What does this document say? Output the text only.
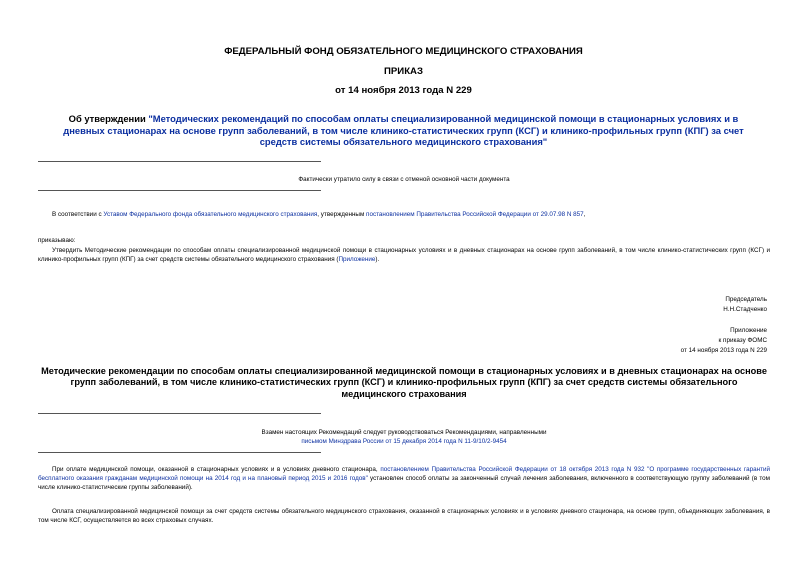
ФЕДЕРАЛЬНЫЙ ФОНД ОБЯЗАТЕЛЬНОГО МЕДИЦИНСКОГО СТРАХОВАНИЯ
ПРИКАЗ
от 14 ноября 2013 года N 229
Об утверждении "Методических рекомендаций по способам оплаты специализированной медицинской помощи в стационарных условиях и в дневных стационарах на основе групп заболеваний, в том числе клинико-статистических групп (КСГ) и клинико-профильных групп (КПГ) за счет средств системы обязательного медицинского страхования"
Фактически утратило силу в связи с отменой основной части документа
В соответствии с Уставом Федерального фонда обязательного медицинского страхования, утвержденным постановлением Правительства Российской Федерации от 29.07.98 N 857,
приказываю:
Утвердить Методические рекомендации по способам оплаты специализированной медицинской помощи в стационарных условиях и в дневных стационарах на основе групп заболеваний, в том числе клинико-статистических групп (КСГ) и клинико-профильных групп (КПГ) за счет средств системы обязательного медицинского страхования (Приложение).
Председатель
Н.Н.Стадченко
Приложение
к приказу ФОМС
от 14 ноября 2013 года N 229
Методические рекомендации по способам оплаты специализированной медицинской помощи в стационарных условиях и в дневных стационарах на основе групп заболеваний, в том числе клинико-статистических групп (КСГ) и клинико-профильных групп (КПГ) за счет средств системы обязательного медицинского страхования
Взамен настоящих Рекомендаций следует руководствоваться Рекомендациями, направленными
письмом Минздрава России от 15 декабря 2014 года N 11-9/10/2-9454
При оплате медицинской помощи, оказанной в стационарных условиях и в условиях дневного стационара, постановлением Правительства Российской Федерации от 18 октября 2013 года N 932 "О программе государственных гарантий бесплатного оказания гражданам медицинской помощи на 2014 год и на плановый период 2015 и 2016 годов" установлен способ оплаты за законченный случай лечения заболевания, включенного в соответствующую группу заболеваний (в том числе клинико-статистические группы заболеваний).
Оплата специализированной медицинской помощи за счет средств системы обязательного медицинского страхования, оказанной в стационарных условиях и в условиях дневного стационара, на основе групп, объединяющих заболевания, в том числе КСГ, осуществляется во всех страховых случаях.
